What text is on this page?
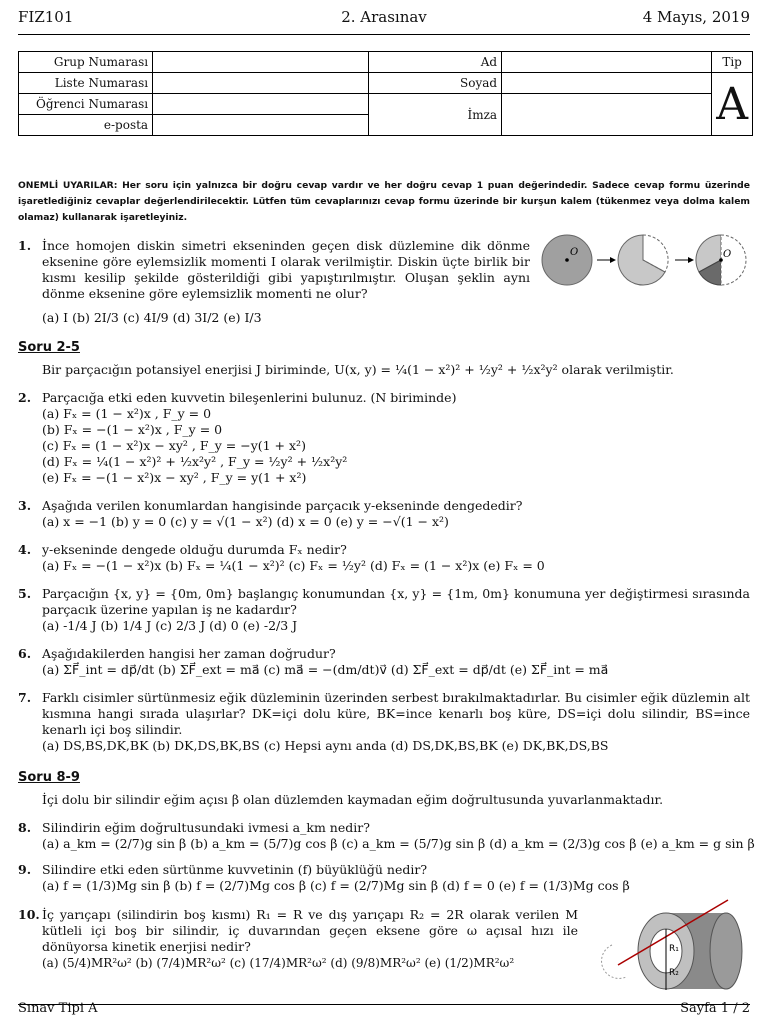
FIZ101	2. Arasınav	4 Mayıs, 2019
Grup Numarası		Ad		Tip
Liste Numarası		Soyad		A
Öğrenci Numarası		İmza		
e-posta				
ONEMLİ UYARILAR: Her soru için yalnızca bir doğru cevap vardır ve her doğru cevap 1 puan değerindedir. Sadece cevap formu üzerinde işaretlediğiniz cevaplar değerlendirilecektir. Lütfen tüm cevaplarınızı cevap formu üzerinde bir kurşun kalem (tükenmez veya dolma kalem olamaz) kullanarak işaretleyiniz.
1. İnce homojen diskin simetri ekseninden geçen disk düzlemine dik dönme eksenine göre eylemsizlik momenti I olarak verilmiştir. Diskin üçte birlik bir kısmı kesilip şekilde gösterildiği gibi yapıştırılmıştır. Oluşan şeklin aynı dönme eksenine göre eylemsizlik momenti ne olur?
(a) I (b) 2I/3 (c) 4I/9 (d) 3I/2 (e) I/3
O	O
Soru 2-5
Bir parçacığın potansiyel enerjisi J biriminde, U(x, y) = ¼(1 − x²)² + ½y² + ½x²y² olarak verilmiştir.
2. Parçacığa etki eden kuvvetin bileşenlerini bulunuz. (N biriminde)
(a) Fₓ = (1 − x²)x , F_y = 0
(b) Fₓ = −(1 − x²)x , F_y = 0
(c) Fₓ = (1 − x²)x − xy² , F_y = −y(1 + x²)
(d) Fₓ = ¼(1 − x²)² + ½x²y² , F_y = ½y² + ½x²y²
(e) Fₓ = −(1 − x²)x − xy² , F_y = y(1 + x²)
3. Aşağıda verilen konumlardan hangisinde parçacık y-ekseninde dengededir?
(a) x = −1 (b) y = 0 (c) y = √(1 − x²) (d) x = 0 (e) y = −√(1 − x²)
4. y-ekseninde dengede olduğu durumda Fₓ nedir?
(a) Fₓ = −(1 − x²)x (b) Fₓ = ¼(1 − x²)² (c) Fₓ = ½y² (d) Fₓ = (1 − x²)x (e) Fₓ = 0
5. Parçacığın {x, y} = {0m, 0m} başlangıç konumundan {x, y} = {1m, 0m} konumuna yer değiştirmesi sırasında parçacık üzerine yapılan iş ne kadardır?
(a) -1/4 J (b) 1/4 J (c) 2/3 J (d) 0 (e) -2/3 J
6. Aşağıdakilerden hangisi her zaman doğrudur?
(a) ΣF⃗_int = dp⃗/dt (b) ΣF⃗_ext = ma⃗ (c) ma⃗ = −(dm/dt)v⃗ (d) ΣF⃗_ext = dp⃗/dt (e) ΣF⃗_int = ma⃗
7. Farklı cisimler sürtünmesiz eğik düzleminin üzerinden serbest bırakılmaktadırlar. Bu cisimler eğik düzlemin alt kısmına hangi sırada ulaşırlar? DK=içi dolu küre, BK=ince kenarlı boş küre, DS=içi dolu silindir, BS=ince kenarlı içi boş silindir.
(a) DS,BS,DK,BK (b) DK,DS,BK,BS (c) Hepsi aynı anda (d) DS,DK,BS,BK (e) DK,BK,DS,BS
Soru 8-9
İçi dolu bir silindir eğim açısı β olan düzlemden kaymadan eğim doğrultusunda yuvarlanmaktadır.
8. Silindirin eğim doğrultusundaki ivmesi a_km nedir?
(a) a_km = (2/7)g sin β (b) a_km = (5/7)g cos β (c) a_km = (5/7)g sin β (d) a_km = (2/3)g cos β (e) a_km = g sin β
9. Silindire etki eden sürtünme kuvvetinin (f) büyüklüğü nedir?
(a) f = (1/3)Mg sin β (b) f = (2/7)Mg cos β (c) f = (2/7)Mg sin β (d) f = 0 (e) f = (1/3)Mg cos β
10. İç yarıçapı (silindirin boş kısmı) R₁ = R ve dış yarıçapı R₂ = 2R olarak verilen M kütleli içi boş bir silindir, iç duvarından geçen eksene göre ω açısal hızı ile dönüyorsa kinetik enerjisi nedir?
(a) (5/4)MR²ω² (b) (7/4)MR²ω² (c) (17/4)MR²ω² (d) (9/8)MR²ω² (e) (1/2)MR²ω²
R₁
R₂
Sınav Tipi A	Sayfa 1 / 2
